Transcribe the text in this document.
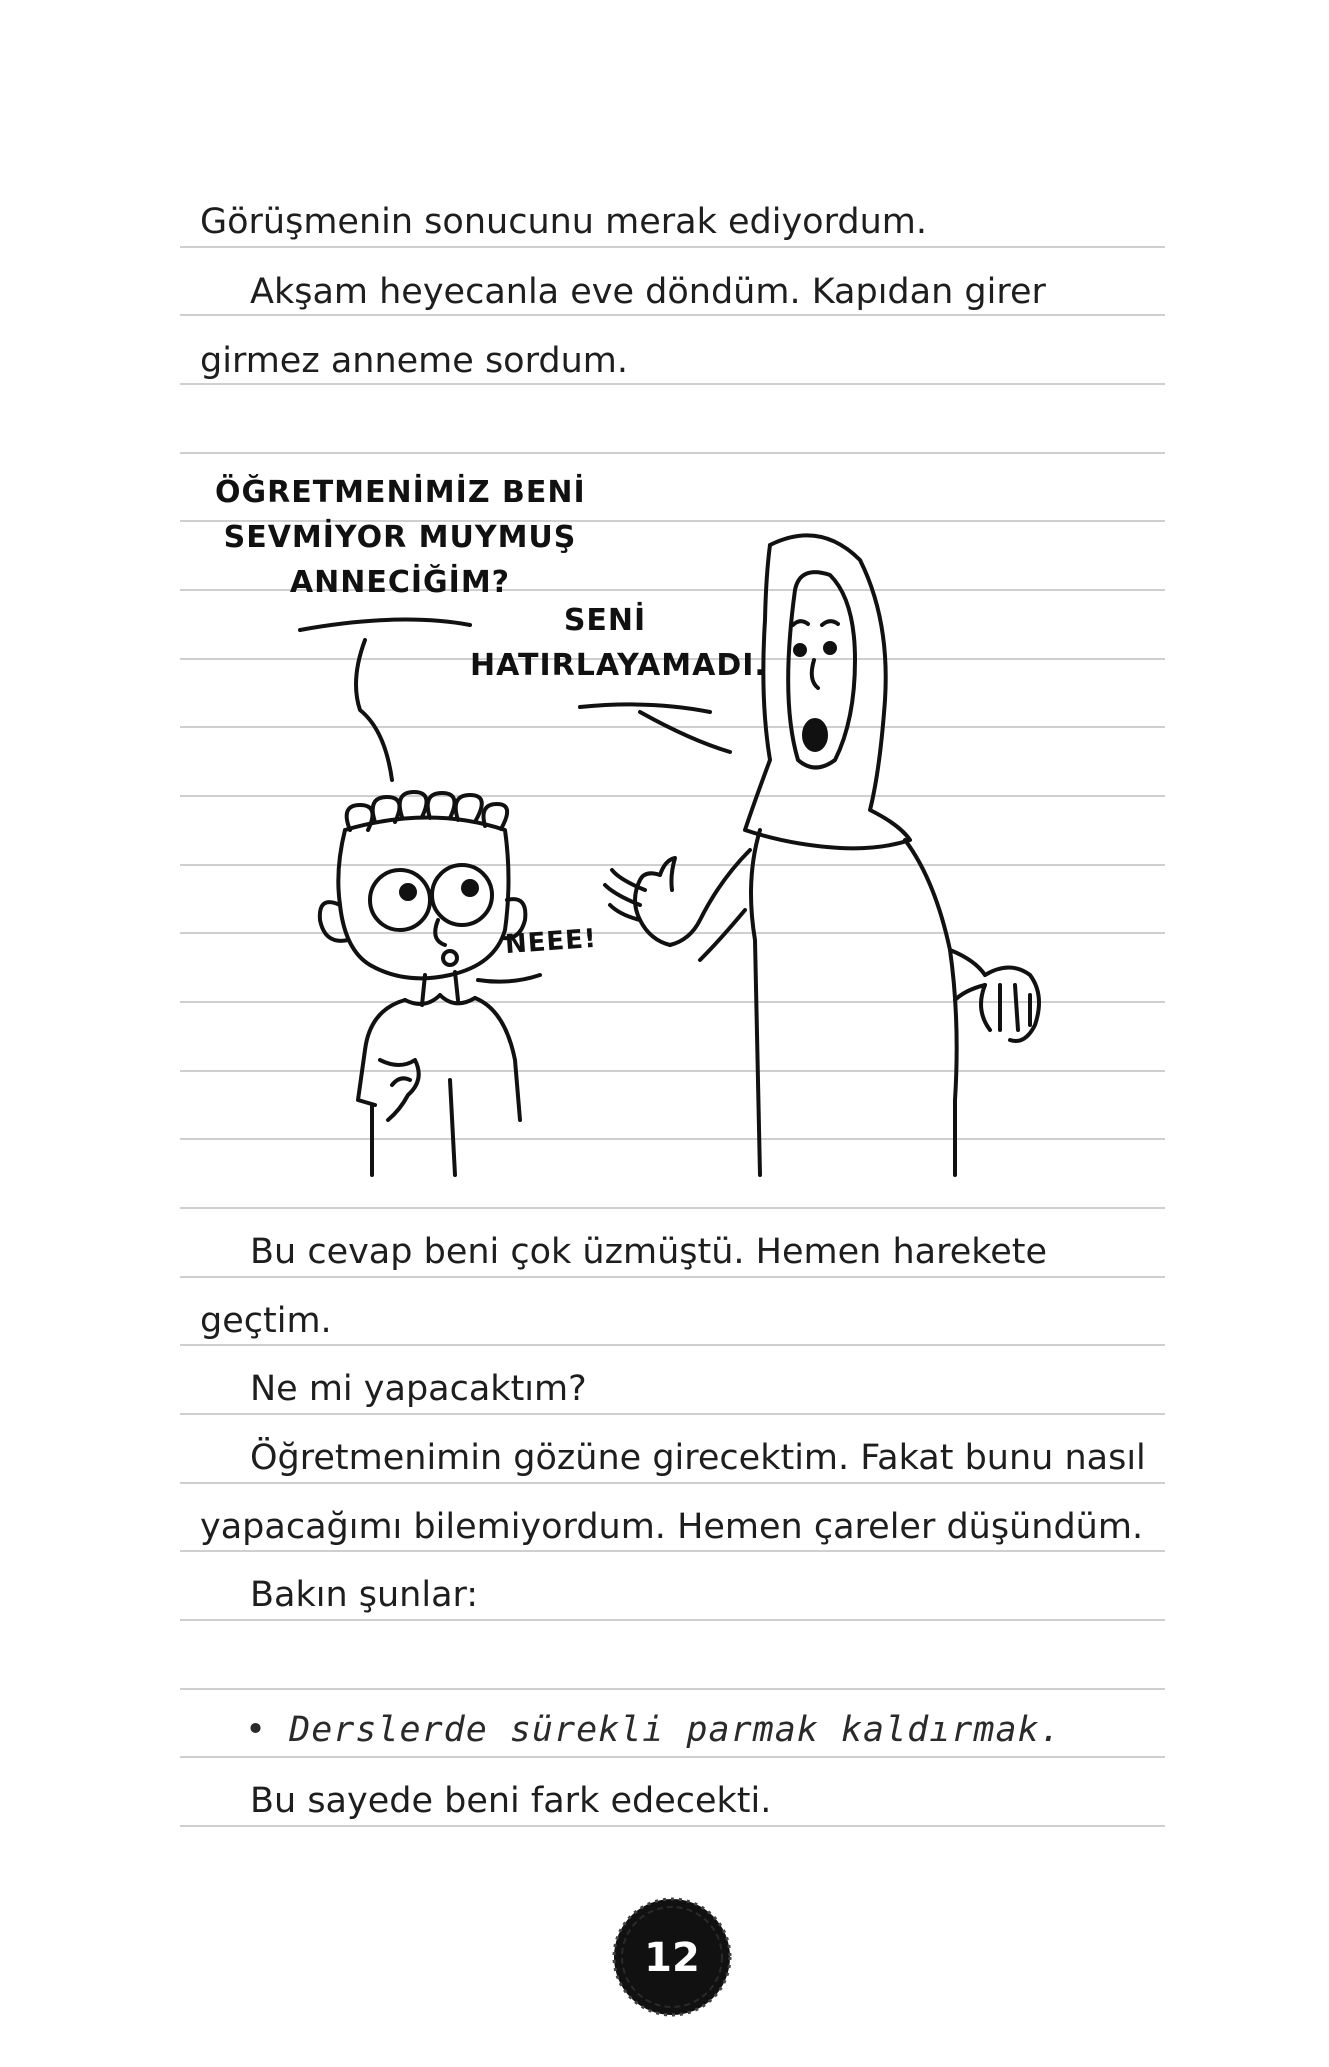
Görüşmenin sonucunu merak ediyordum.
Akşam heyecanla eve döndüm. Kapıdan girer
girmez anneme sordum.
Bu cevap beni çok üzmüştü. Hemen harekete
geçtim.
Ne mi yapacaktım?
Öğretmenimin gözüne girecektim. Fakat bunu nasıl
yapacağımı bilemiyordum. Hemen çareler düşündüm.
Bakın şunlar:
• Derslerde sürekli parmak kaldırmak.
Bu sayede beni fark edecekti.
ÖĞRETMENİMİZ BENİ
SEVMİYOR MUYMUŞ
ANNECİĞİM?
SENİ
HATIRLAYAMADI.
NEEE!
12
